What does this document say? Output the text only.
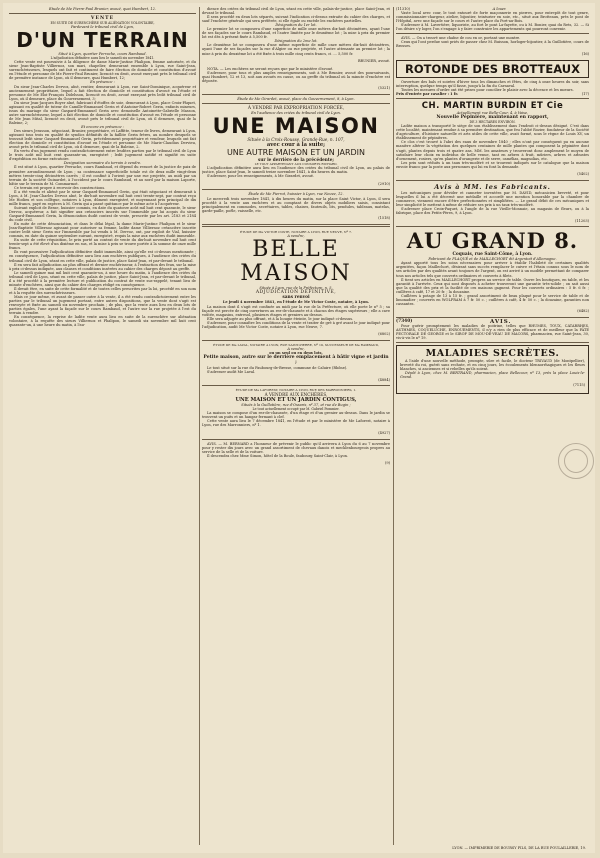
Étude de Me Pierre-Paul Brunier, avoué, quai Humbert, 12.

VENTE

EN SUITE DE SURENCHÈRE SUR ALIÉNATION VOLONTAIRE,

Pardevant le tribunal civil de Lyon,

D'UN TERRAIN

Situé à Lyon, quartier Perrache, cours Rambaud.

L'adjudication définitive aura lieu le samedi six novembre 1841.

Cette vente est poursuivie à la diligence de dame Marie-Justine Phalipon, femme autorisée, et du sieur Jean-Baptiste Villiernoz, son mari, chapelier, demeurant ensemble à Lyon, rue Saint-Jean, surenchérisseurs, lesquels ont fait et continuent de faire élection de domicile et constitution d'avoué en l'étude et personne de Me Pierre-Paul Brunier, licencié en droit, avoué exerçant près le tribunal civil de première instance de Lyon, où il demeure, quai Humbert, 12;

En présence :

Du sieur Jean-Charles Dervoz, aîné, rentier, demeurant à Lyon, rue Saint-Dominique, acquéreur et anciennement propriétaire, lequel a fait élection de domicile et constitution d'avoué en l'étude et personne de Me Eloi-François Didelsson, licencié en droit, avoué exerçant près ledit tribunal civil de Lyon, où il demeure, place du Gouvernement, 3;

Du sieur Jean-Jacques Boyer aîné, fabricant d'étoffes de soie, demeurant à Lyon, place Croix-Pâquet, agissant en qualité de tuteur de Camille-Emmanuel Gerin et d'Antoine-Robert Gerin, enfants mineurs, issus du mariage du sieur Gaspard-Emmanuel Gerin avec demoiselle Antoinette-Gabrielle Masson, autre surenchérisseur, lequel a fait élection de domicile et constitution d'avoué en l'étude et personne de Me Jean Mital, licencié en droit, avoué près le tribunal civil de Lyon, où il demeure, quai de la Baleine, 2;

Et encore en présence :

Des sieurs Jerasson, négociant, Brunier, propriétaire, et Laffitte, teneur de livres, demeurant à Lyon, agissant tous trois en qualité de syndics définitifs de la faillite Gerin frères, au nombre desquels se trouvait ledit sieur Gaspard-Emmanuel Gerin, précédemment propriétaire et vendeur, lesquels ont fait élection de domicile et constitution d'avoué en l'étude et personne de Me Marie-Claudius Dervieu, avoué près le tribunal civil de Lyon, où il demeure, quai de la Baleine, 2.

En vertu d'un jugement rendu contradictoirement entre lesdites parties par le tribunal civil de Lyon le trois août mil huit cent quarante-un, enregistré ; ledit jugement notifié et signifié en suite d'expédition en forme exécutoire.

Designation sommaire du terrain à vendre.

Il est situé à Lyon, quartier Perrache, cours Rambaud, et dépend du ressort de la justice de paix de première arrondissement de Lyon ; sa contenance superficielle totale est de deux mille vingt-deux mètres trente-cinq décimètres carrés ; il est confiné à l'orient par une rue projetée, au midi par un terrain de la société Guinardet, à l'occident par le cours Rambaud, et au nord par la maison Laporte, bâtie sur le terrain de M. Commarmot.

Ce terrain est propre à recevoir des constructions.

Il a été vendu et aliéné par le sieur Gaspard-Emmanuel Gerin, qui était négociant et demeurait à Lyon, à M. Jean-Charles Dervoz aîné, le dix-huit novembre mil huit cent trente-sept, par contrat reçu Me Hodieu et son collègue, notaires à Lyon, dûment enregistré, et moyennant prix principal de dix mille francs, payé en espèces à M. Gerin qui a passé quittance par le même acte à l'acquéreur.

Suivant exploit de Besse, huissier commis, en date du quatorze août mil huit cent quarante, le sieur Dervoz, acquéreur, a fait signifier aux créanciers inscrits sur l'immeuble par lui acquis du sieur Gaspard-Emmanuel Gerin, la dénonciation dudit contrat de vente, prescrite par les art. 2183 et 2184 du code civil.

En suite de cette dénonciation, et dans le délai légal, la dame Marie-Justine Phalipon et le sieur Jean-Baptiste Villiernoz agissant pour autoriser sa femme, ladite dame Villiernoz créancière inscrite contre ledit sieur Gerin sur l'immeuble par lui vendu à M. Dervoz, ont, par exploit de Vial, huissier commis, en date du quinze septembre suivant, enregistré, requis la mise aux enchères dudit immeuble.

En suite de cette réquisition, le prix porté au contrat de vente du dix-huit novembre mil huit cent trente-sept a été élevé d'un dixième en sus, et la mise à prix se trouve portée à la somme de onze mille francs.

Ils vont poursuivre l'adjudication définitive dudit immeuble, ainsi qu'elle est ci-dessus mentionnée ; en conséquence, l'adjudication définitive aura lieu aux enchères publiques, à l'audience des criées du tribunal civil de Lyon, séant en cette ville, palais de justice, place Saint-Jean, et par-devant le tribunal.

Il en sera fait adjudication au plus offrant et dernier enchérisseur, à l'extinction des feux, sur la mise à prix ci-dessus indiquée, aux clauses et conditions insérées au cahier des charges déposé au greffe.

Le samedi quinze mai mil huit cent quarante-un, à une heure du matin, à l'audience des criées du tribunal civil de Lyon, séant en cette ville, palais de justice, place Saint-Jean, et par-devant le tribunal, il a été procédé à la première lecture et publication du contrat de vente sus-rappelé, tenant lieu de minute d'enchères, ainsi que du cahier des charges rédigé en conséquence.

Il devait être, en suite de cette formalité et de toutes celles prescrites par la loi, procédé en son nom et à la requête des surenchérisseurs.

Mais ce jour même, et avant de passer outre à la vente, il a été rendu contradictoirement entre les parties par le tribunal un jugement portant, entre autres dispositions, que la vente dont s'agit est renvoyée et fixée au samedi six novembre prochain ; de plus, que la vente aura lieu en deux lots de parties égales, l'une ayant la façade sur le cours Rambaud, et l'autre sur la rue projetée à l'est du terrain à vendre.

En conséquence, la reprise de ladite vente aura lieu en suite de la surenchère sur aliénation volontaire, à la requête des sieurs Villiernoz et Phalipon, le samedi six novembre mil huit cent quarante-un, à une heure du matin, à l'au-

dience des criées du tribunal civil de Lyon, séant en cette ville, palais-de-justice, place Saint-Jean, et devant le tribunal.

Il sera procédé en deux lots séparés, suivant l'indication ci-dessus extraite du cahier des charges, et sauf l'enchère générale qui sera préférée, si elle égale ou excède les enchères partielles.

Désignation du 1er lot.

Le premier lot se composera d'une superficie de mille onze mètres dix-huit décimètres, ayant l'une de ses façades sur le cours Rambaud, et l'autre limitée par le deuxième lot ; la mise à prix du premier lot est dès à présent fixée à 5,500 fr.

Désignation du 2me lot.

Le deuxième lot se composera d'une même superficie de mille onze mètres dix-huit décimètres, ayant l'une de ses façades sur la rue d'Algier ou rue projetée, et l'autre attenante au premier lot ; la mise à prix du deuxième lot a été fixée à trois mille cinq cents francs, ci .... 5,500 fr.

BRUNIER, avoué.

NOTA. — Les enchères ne seront reçues que par le ministère d'avoué.

S'adresser, pour tous et plus amples renseignements, soit à Me Brunier, avoué des poursuivants, quai Humbert, 12 et 13, soit aux avoués en cause, ou au greffe du tribunal où la minute d'enchère est déposée.

(5321)

Étude de Me Girardet, avoué, place du Gouvernement, 8, à Lyon.

À VENDRE PAR EXPROPRIATION FORCÉE,

En l'audience des criées du tribunal civil de Lyon.

UNE MAISON

Située à la Croix-Rousse, Grande-Rue, n. 107,

avec cour à la suite;

UNE AUTRE MAISON ET UN JARDIN

sur le derrière de la précédente;

LE TOUT APPARTENANT AUX CONSORTS RICHARD.

L'adjudication définitive aura lieu en l'audience des criées du tribunal civil de Lyon, au palais de justice, place Saint-Jean, le samedi treize novembre 1841, à dix heures du matin.

S'adresser, pour les renseignements, à Me Girardet, avoué.

(2910)

Étude de Me Pierrot, huissier à Lyon, rue Neuve, 12.

Le mercredi trois novembre 1841, à dix heures du matin, sur la place Saint Victor, à Lyon, il sera procédé à la vente aux enchères et au comptant de divers objets mobiliers saisis, consistant principalement en commodes, secrétaires, tables, chaises, fauteuils, lits, pendules, tableaux, matelas, garde-paille, poêle, vaisselle, etc.

(1518)

ÉTUDE DE Me VICTOR COSTE, NOTAIRE A LYON, RUE NEUVE, Nº 7.

A vendre,

BELLE MAISON

Située à Lyon, rue de la Préfecture, n. 5.

ADJUDICATION DÉFINITIVE,

sans renvoi

Le jeudi 4 novembre 1841, en l'étude de Me Victor Coste, notaire, à Lyon.

La maison dont il s'agit est confinée au midi par la rue de la Préfecture, où elle porte le nº 5 ; sa façade est percée de cinq ouvertures au rez-de-chaussée et à chacun des étages supérieurs ; elle a cave voûtée, magasins, entresol, plusieurs étages et greniers au-dessus.

Elle sera adjugée au plus offrant, et à la bougie éteinte, le jour indiqué ci-dessus.

S'adresser, pour connaître les conditions de la vente et traiter de gré à gré avant le jour indiqué pour l'adjudication, audit Me Victor Coste, notaire à Lyon, rue Neuve, 7.

(6802)

ÉTUDE DE Me LAVAL, NOTAIRE A LYON, RUE SAINT-PIERRE, Nº 19, SUCCESSEUR DE Me RAMBAUD,

A vendre,

ou un seul ou en deux lots,

Petite maison, autre sur le derrière emplacement à bâtir vigne et jardin ;

Le tout situé sur la rue du Faubourg-de-Bresse, commune de Caluire (Rhône).

S'adresser audit Me Laval.

(4884)

ÉTUDE DE Me LAFOREST, NOTAIRE A LYON, RUE DES MARRONNIERS, 1.

A VENDRE AUX ENCHÈRES,

UNE MAISON ET UN JARDIN CONTIGUS,

Situés à la Guillotière, rue d'Ossaris, nº 37, et rue de Bugin ;

Le tout actuellement occupé par M. Gabriel Pommier.

La maison se compose d'un rez-de-chaussée, d'un étage et d'un grenier au-dessus. Dans le jardin se trouvent un puits et un hangar fermant à clef.

Cette vente aura lieu le 7 décembre 1841, en l'étude et par le ministère de Me Laforest, notaire à Lyon, rue des Marronniers, nº 1.

(4927)

AVIS. — M. BERNARD a l'honneur de prévenir le public qu'il arrivera à Lyon du 6 au 7 novembre pour y rester dix jours avec un grand assortiment de chevaux danois et mecklenbourgeois propres au service de la selle et de la voiture.

Il descendra chez Mme Simon, hôtel de la Boule, faubourg Saint-Clair, à Lyon.

(9)

(11310)	A louer.

Vaste local avec cour, le tout entouré de forte maçonnerie en pierres, pour entrepôt de tout genre, commissionnaire-chargeur, atelier, bijoutier, teinturier en soie, etc., situé aux Brotteaux, près le pont de l'Hôpital, avec une façade sur le cours et l'autre place du Port-au-Bois.

S'adresser à M. Lavertière, liquoriste, au fort le pont La-fayette, ou à M. Bonier, quai du Rets, 32. — Si l'on désire s'y loger, l'on s'engage à y faire construire les appartements qui pourront convenir.

AVIS. — On a trouvé une chaîne de cou en or, portant une montre.

Ceux qui l'ont perdue sont priés de passer chez M. Buisson, horloger-bijoutier, à la Guillotière, cours de Brosses.

(16)

ROTONDE DES BROTTEAUX

Ouverture des bals et soirées d'hiver tous les dimanches et fêtes, de cinq à onze heures du soir, sans interruption, quelque temps qu'il fasse, jusqu'à la fin du Carnaval.

Toutes les mesures d'ordre ont été prises pour concilier le plaisir avec la décence et les mœurs.

Prix d'entrée par cavalier : 1 fr.	(17)
CH. MARTIN BURDIN ET Cie

Actuellement rue Belle-Cour, 4, à Vaise,

Nouvelle Pépinière, maintenant en rapport,

DE 3 HECTARES ENVIRON.

Ladite maison a transporté le siège de son établissement dans l'endroit ci-dessus désigné. C'est dans cette localité, maintenant rendue à sa première destination, que feu l'abbé Rozier, fondateur de la Société d'agriculture, d'histoire naturelle et arts utiles de cette ville, avait formé, sous le règne de Louis XV, un établissement de pépinières.

Ce clos c'est trouvé à l'abri des eaux de novembre 1840 ; elles n'ont par conséquent pu en aucune manière altérer la végétation des quelques centaines de mille plantes qui composent la pépinière dont s'agit, plantes depuis trois et quatre ans. MM. les amateurs y trouveront donc amplement le moyen de satisfaire leur choix en individus de belle venue, tant en arbres à fruit, mûriers, arbres et arbustes d'ornement, rosiers, qu'en plantes d'orangerie et de serre, camélias, magnolias, etc.

Les prix sont réduits à un taux très-modéré et se trouvent indiqués sur le catalogue que la maison envoie franco par la poste aux personnes qui lui en font la demande.

(5402)

Avis à MM. les Fabricants.

Les mécaniques pour dévider et canneter inventées par M. DAVID, mécanicien breveté, et pour lesquelles il lui a été décerné une médaille et accordé une mention honorable par la chambre de commerce, viennent encore d'être perfectionnées et simplifiées. — Le grand débit de ces mécaniques et leur simplicité le mettent à même de réduire ses prix à un taux très-modéré.

S'adresser place Croix-Paquet, à l'angle de la rue Vieille-Monnaie, au magasin de fleurs, ou à la fabrique, place des Petits-Pères, 9, à Lyon.

(11203)

AU GRAND 8.

Coquais, rue Saint-Côme, à Lyon.

Fabricant de PLAQUÉ et de MAILLECHORT dit Argentoit d'Allemagne.

Ayant apporté tous les soins nécessaires pour arriver à établir l'habileté de certaines qualités argentées, façon Maillechort, désirant sans succès remplacer le cuivre et l'étain connus sous le nom de ses articles par des qualités avant toujours de l'argent, on est arrivé à un modèle permettant de comparer tous nos articles tels que couverts ordinaires et couverts à filets.

Il tient ses articles en MAILLECHORT propres au service de table. Ouvre les boutiques, en table, et les garantit à l'arrivée. Ceux qui sont disposés à acheter trouveront une garantie très-solide ; on sait aussi que la qualité des prix et la facilité de ces maisons gagnent. Pour les couverts ordinaires : 5 fr. 6 fr. ; cuillères à café, 17 et 20 fr. ; la douzaine.

Cuillères à potage de 13 à 15 fr. ; grand assortiment de beau plaqué pour le service de table et de limonadier ; couverts en WOLFRAM à 7 fr. 50 c. ; cuillères à café, 4 fr. 50 c. ; la douzaine, garanties non cassantes.

(6482)

(7340)	AVIS.

Pour guérir promptement les maladies de poitrine, telles que RHUMES, TOUX, CATARRHES, ASTHMES, COQUELUCHE, ENROUEMENTS, il n'y a rien de plus efficace et de meilleur que la PÂTE PECTORALE DE GEORGE et le SIROP DE MOU-DE-VEAU DE MACORS, pharmacien, rue Saint-Jean, 30, vis-à-vis le nº 19.

MALADIES SECRÈTES.

A l'aide d'une nouvelle méthode, prompte, sûre et facile, le docteur TRIVAUD (de Montpellier), breveté du roi, guérit sans rechute, et en cinq jours, les écoulements blennorrhagiques et les fleurs blanches, si anciennes et si rebelles qu'ils soient.

Dépôt à Lyon, chez M. BERTRAND, pharmacien, place Bellecour, nº 13, près la place Louis-le-Grand.

(7115)

LYON. — IMPRIMERIE DE BOURSY FILS, DE LA RUE POULAILLERIE, 19.
